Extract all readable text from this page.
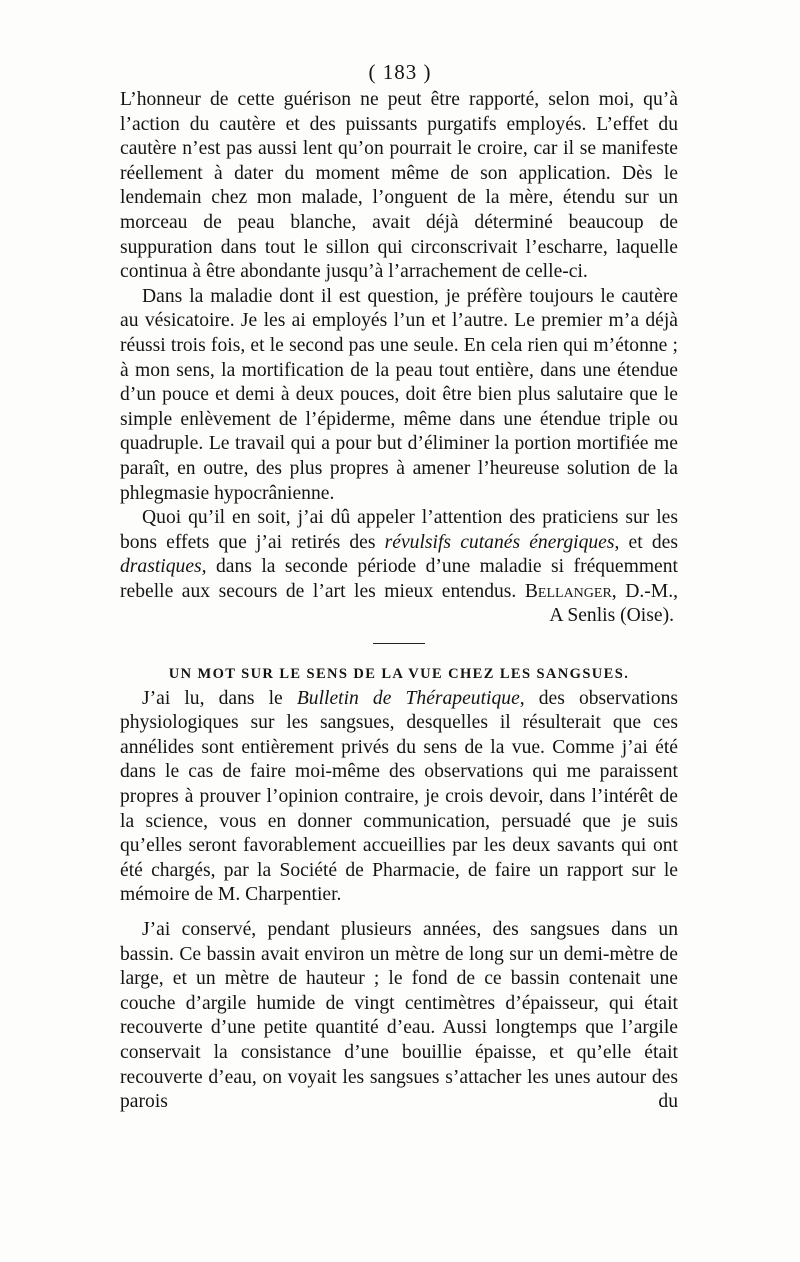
( 183 )

L’honneur de cette guérison ne peut être rapporté, selon moi, qu’à l’action du cautère et des puissants purgatifs employés. L’effet du cautère n’est pas aussi lent qu’on pourrait le croire, car il se manifeste réellement à dater du moment même de son application. Dès le lendemain chez mon malade, l’onguent de la mère, étendu sur un morceau de peau blanche, avait déjà déterminé beaucoup de suppuration dans tout le sillon qui circonscrivait l’escharre, laquelle continua à être abondante jusqu’à l’arrachement de celle-ci.

Dans la maladie dont il est question, je préfère toujours le cautère au vésicatoire. Je les ai employés l’un et l’autre. Le premier m’a déjà réussi trois fois, et le second pas une seule. En cela rien qui m’étonne ; à mon sens, la mortification de la peau tout entière, dans une étendue d’un pouce et demi à deux pouces, doit être bien plus salutaire que le simple enlèvement de l’épiderme, même dans une étendue triple ou quadruple. Le travail qui a pour but d’éliminer la portion mortifiée me paraît, en outre, des plus propres à amener l’heureuse solution de la phlegmasie hypocrânienne.

Quoi qu’il en soit, j’ai dû appeler l’attention des praticiens sur les bons effets que j’ai retirés des révulsifs cutanés énergiques, et des drastiques, dans la seconde période d’une maladie si fréquemment rebelle aux secours de l’art les mieux entendus. Bellanger, D.-M.,

A Senlis (Oise).

UN MOT SUR LE SENS DE LA VUE CHEZ LES SANGSUES.

J’ai lu, dans le Bulletin de Thérapeutique, des observations physiologiques sur les sangsues, desquelles il résulterait que ces annélides sont entièrement privés du sens de la vue. Comme j’ai été dans le cas de faire moi-même des observations qui me paraissent propres à prouver l’opinion contraire, je crois devoir, dans l’intérêt de la science, vous en donner communication, persuadé que je suis qu’elles seront favorablement accueillies par les deux savants qui ont été chargés, par la Société de Pharmacie, de faire un rapport sur le mémoire de M. Charpentier.

J’ai conservé, pendant plusieurs années, des sangsues dans un bassin. Ce bassin avait environ un mètre de long sur un demi-mètre de large, et un mètre de hauteur ; le fond de ce bassin contenait une couche d’argile humide de vingt centimètres d’épaisseur, qui était recouverte d’une petite quantité d’eau. Aussi longtemps que l’argile conservait la consistance d’une bouillie épaisse, et qu’elle était recouverte d’eau, on voyait les sangsues s’attacher les unes autour des parois du
